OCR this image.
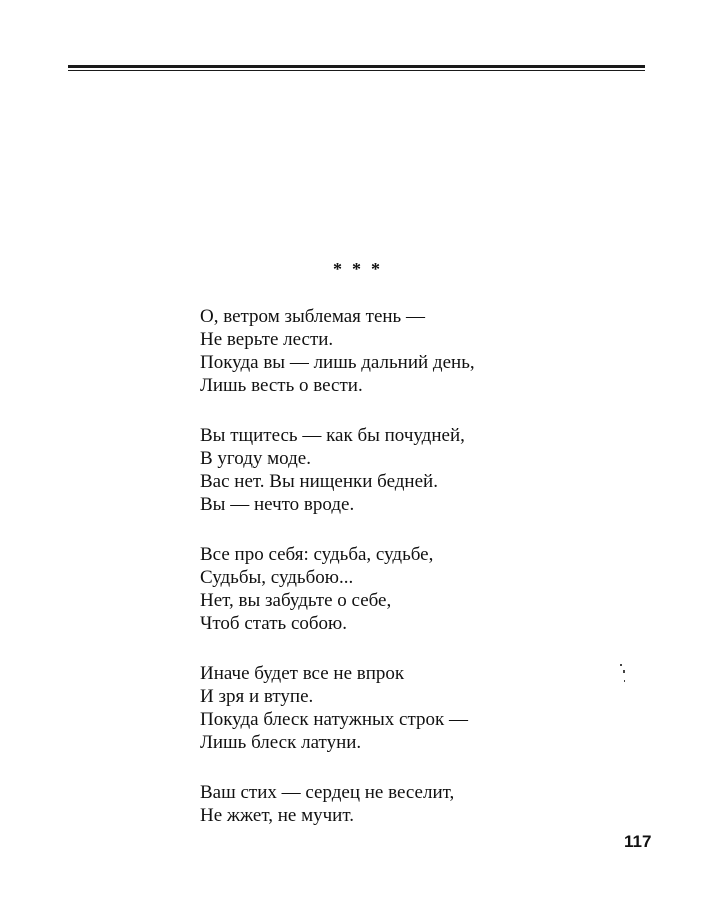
***
О, ветром зыблемая тень —
Не верьте лести.
Покуда вы — лишь дальний день,
Лишь весть о вести.
Вы тщитесь — как бы почудней,
В угоду моде.
Вас нет. Вы нищенки бедней.
Вы — нечто вроде.
Все про себя: судьба, судьбе,
Судьбы, судьбою...
Нет, вы забудьте о себе,
Чтоб стать собою.
Иначе будет все не впрок
И зря и втупе.
Покуда блеск натужных строк —
Лишь блеск латуни.
Ваш стих — сердец не веселит,
Не жжет, не мучит.
117
